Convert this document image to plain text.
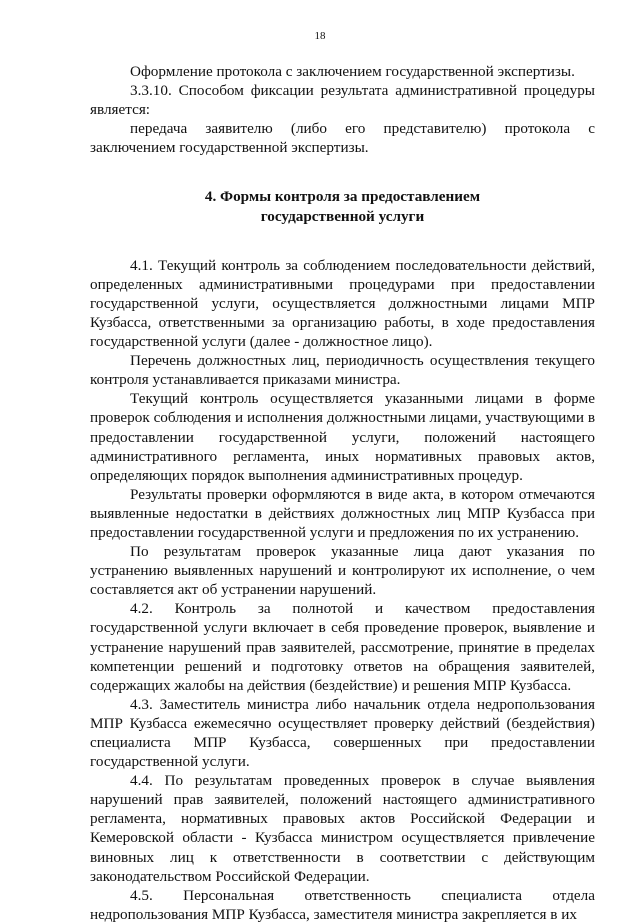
18

Оформление протокола с заключением государственной экспертизы.

3.3.10. Способом фиксации результата административной процедуры является:

передача заявителю (либо его представителю) протокола с заключением государственной экспертизы.

4. Формы контроля за предоставлением
государственной услуги

4.1. Текущий контроль за соблюдением последовательности действий, определенных административными процедурами при предоставлении государственной услуги, осуществляется должностными лицами МПР Кузбасса, ответственными за организацию работы, в ходе предоставления государственной услуги (далее - должностное лицо).

Перечень должностных лиц, периодичность осуществления текущего контроля устанавливается приказами министра.

Текущий контроль осуществляется указанными лицами в форме проверок соблюдения и исполнения должностными лицами, участвующими в предоставлении государственной услуги, положений настоящего административного регламента, иных нормативных правовых актов, определяющих порядок выполнения административных процедур.

Результаты проверки оформляются в виде акта, в котором отмечаются выявленные недостатки в действиях должностных лиц МПР Кузбасса при предоставлении государственной услуги и предложения по их устранению.

По результатам проверок указанные лица дают указания по устранению выявленных нарушений и контролируют их исполнение, о чем составляется акт об устранении нарушений.

4.2. Контроль за полнотой и качеством предоставления государственной услуги включает в себя проведение проверок, выявление и устранение нарушений прав заявителей, рассмотрение, принятие в пределах компетенции решений и подготовку ответов на обращения заявителей, содержащих жалобы на действия (бездействие) и решения МПР Кузбасса.

4.3. Заместитель министра либо начальник отдела недропользования МПР Кузбасса ежемесячно осуществляет проверку действий (бездействия) специалиста МПР Кузбасса, совершенных при предоставлении государственной услуги.

4.4. По результатам проведенных проверок в случае выявления нарушений прав заявителей, положений настоящего административного регламента, нормативных правовых актов Российской Федерации и Кемеровской области - Кузбасса министром осуществляется привлечение виновных лиц к ответственности в соответствии с действующим законодательством Российской Федерации.

4.5. Персональная ответственность специалиста отдела недропользования МПР Кузбасса, заместителя министра закрепляется в их
